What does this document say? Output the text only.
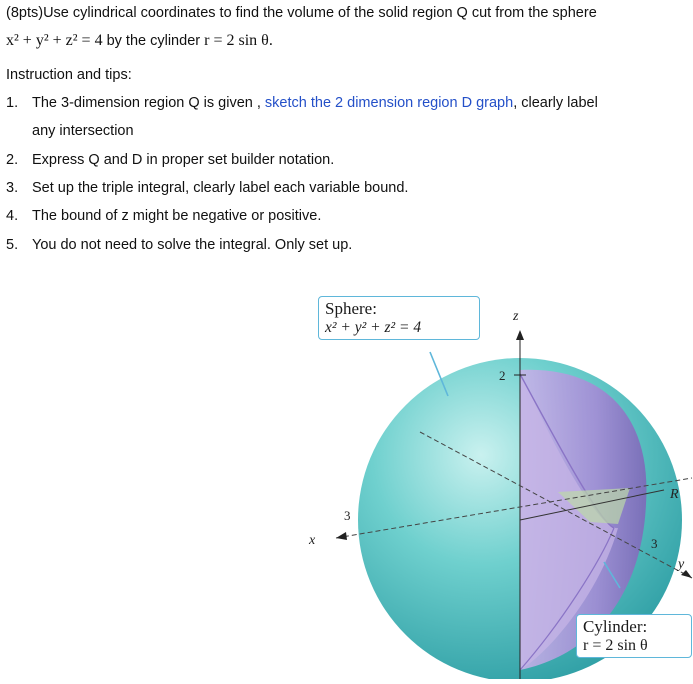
(8pts)Use cylindrical coordinates to find the volume of the solid region Q cut from the sphere
x² + y² + z² = 4 by the cylinder r = 2 sin θ.
Instruction and tips:
1. The 3-dimension region Q is given , sketch the 2 dimension region D graph, clearly label
any intersection
2. Express Q and D in proper set builder notation.
3. Set up the triple integral, clearly label each variable bound.
4. The bound of z might be negative or positive.
5. You do not need to solve the integral. Only set up.
z
2
x
3
y
3
R
Sphere:
x² + y² + z² = 4
Cylinder:
r = 2 sin θ
